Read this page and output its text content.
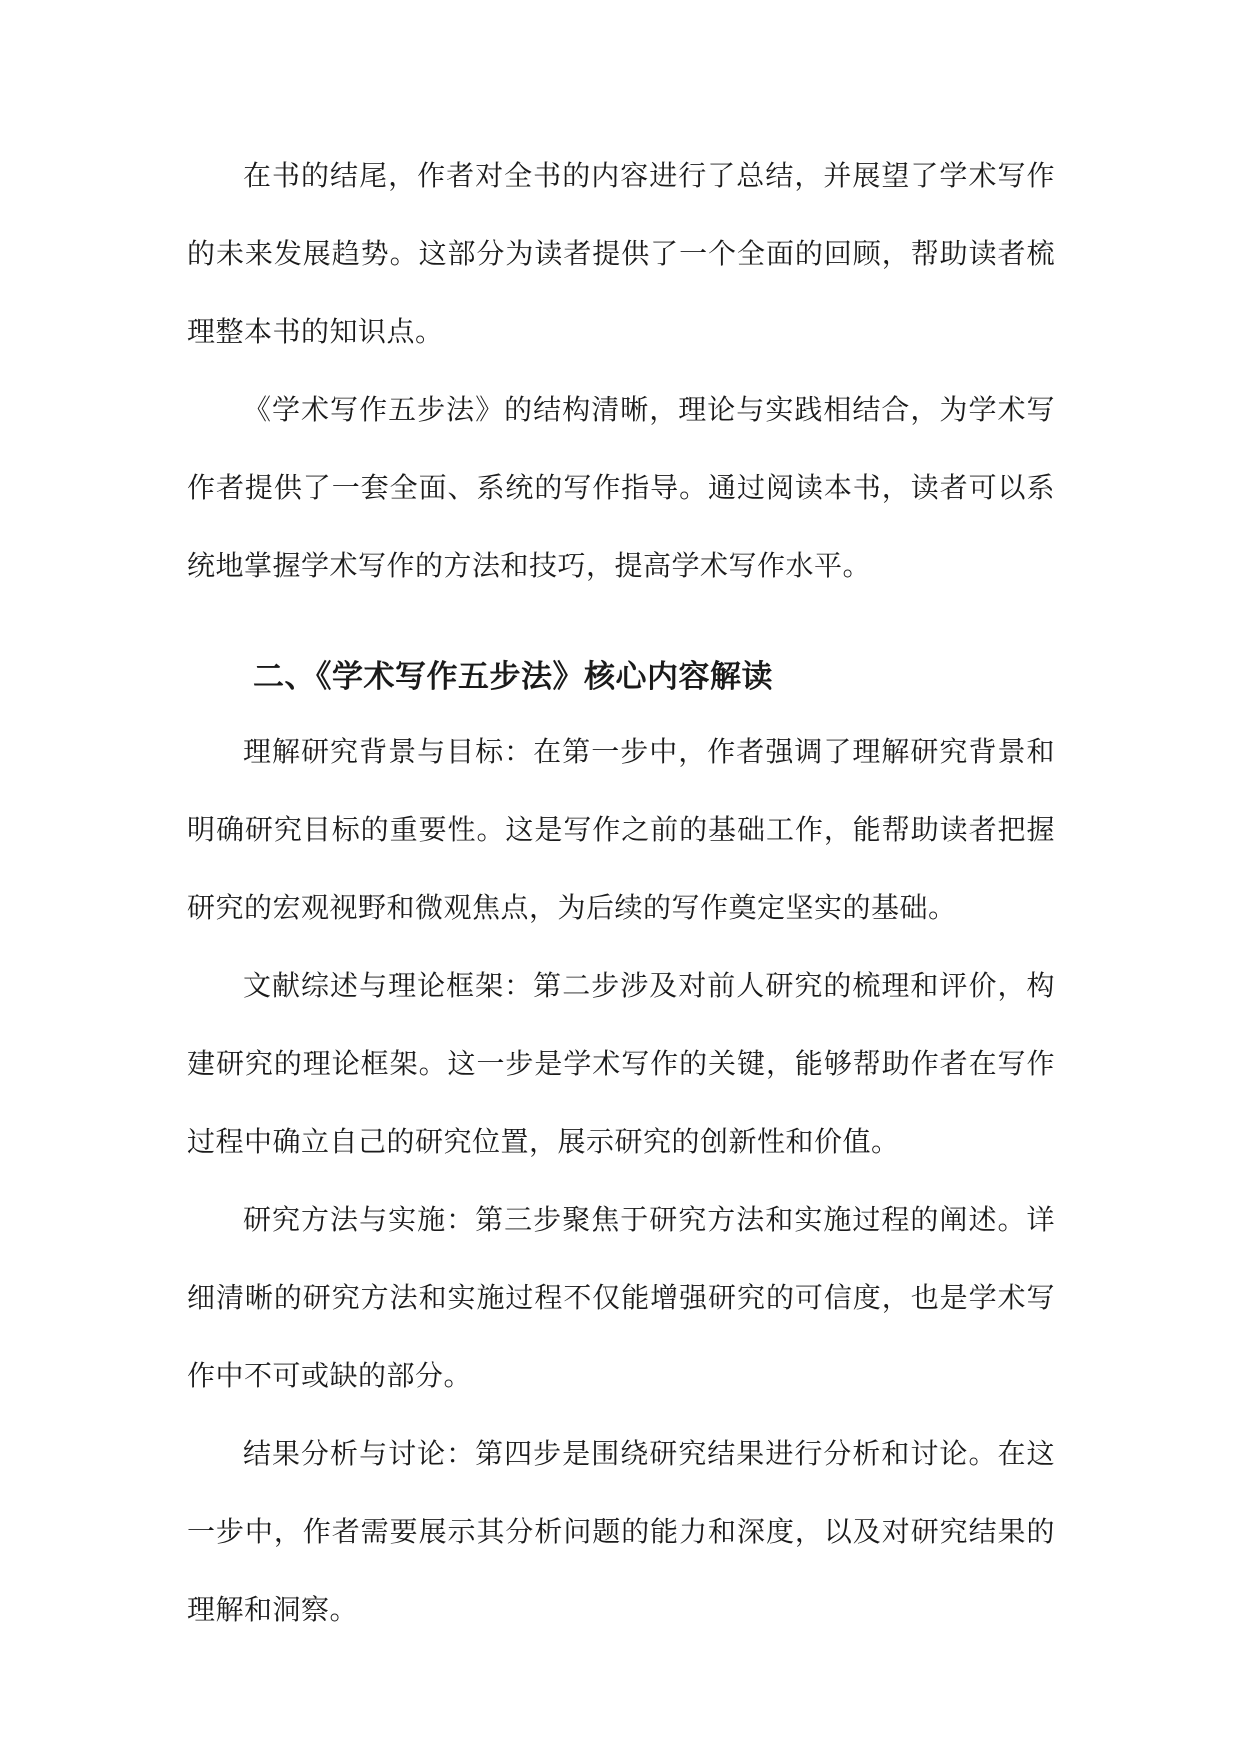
在书的结尾，作者对全书的内容进行了总结，并展望了学术写作的未来发展趋势。这部分为读者提供了一个全面的回顾，帮助读者梳理整本书的知识点。

《学术写作五步法》的结构清晰，理论与实践相结合，为学术写作者提供了一套全面、系统的写作指导。通过阅读本书，读者可以系统地掌握学术写作的方法和技巧，提高学术写作水平。

二、《学术写作五步法》核心内容解读

理解研究背景与目标：在第一步中，作者强调了理解研究背景和明确研究目标的重要性。这是写作之前的基础工作，能帮助读者把握研究的宏观视野和微观焦点，为后续的写作奠定坚实的基础。

文献综述与理论框架：第二步涉及对前人研究的梳理和评价，构建研究的理论框架。这一步是学术写作的关键，能够帮助作者在写作过程中确立自己的研究位置，展示研究的创新性和价值。

研究方法与实施：第三步聚焦于研究方法和实施过程的阐述。详细清晰的研究方法和实施过程不仅能增强研究的可信度，也是学术写作中不可或缺的部分。

结果分析与讨论：第四步是围绕研究结果进行分析和讨论。在这一步中，作者需要展示其分析问题的能力和深度，以及对研究结果的理解和洞察。
